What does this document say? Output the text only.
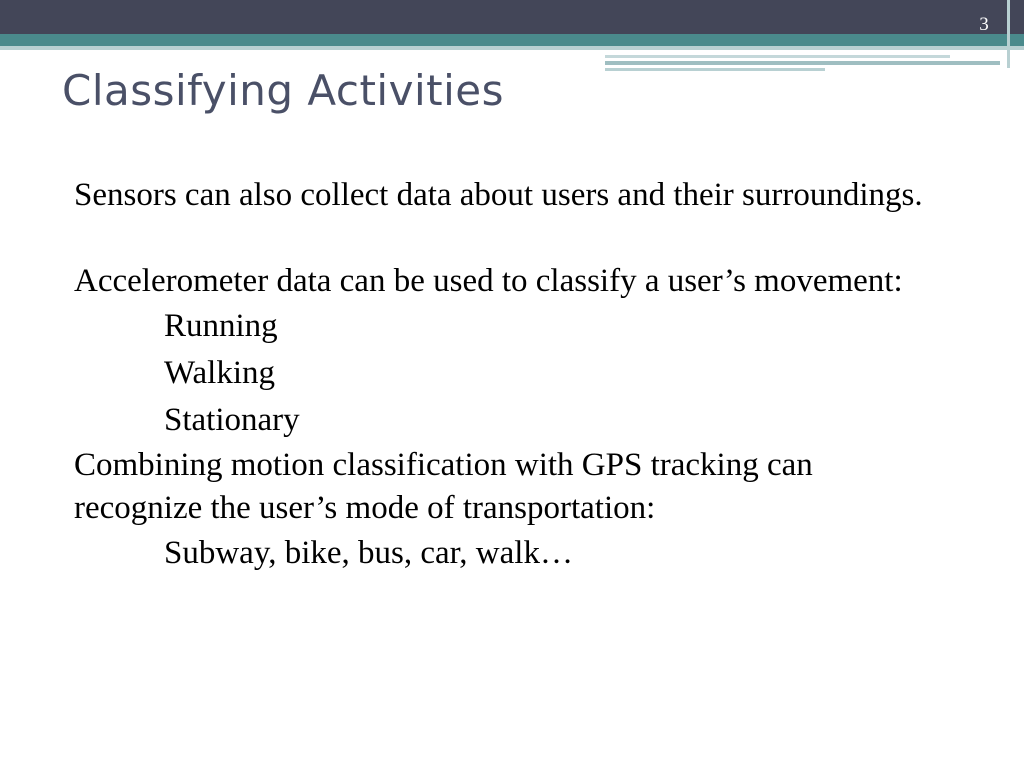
3
Classifying Activities

Sensors can also collect data about users and their surroundings.

Accelerometer data can be used to classify a user’s movement:

Running

Walking

Stationary

Combining motion classification with GPS tracking can recognize the user’s mode of transportation:

Subway, bike, bus, car, walk…
